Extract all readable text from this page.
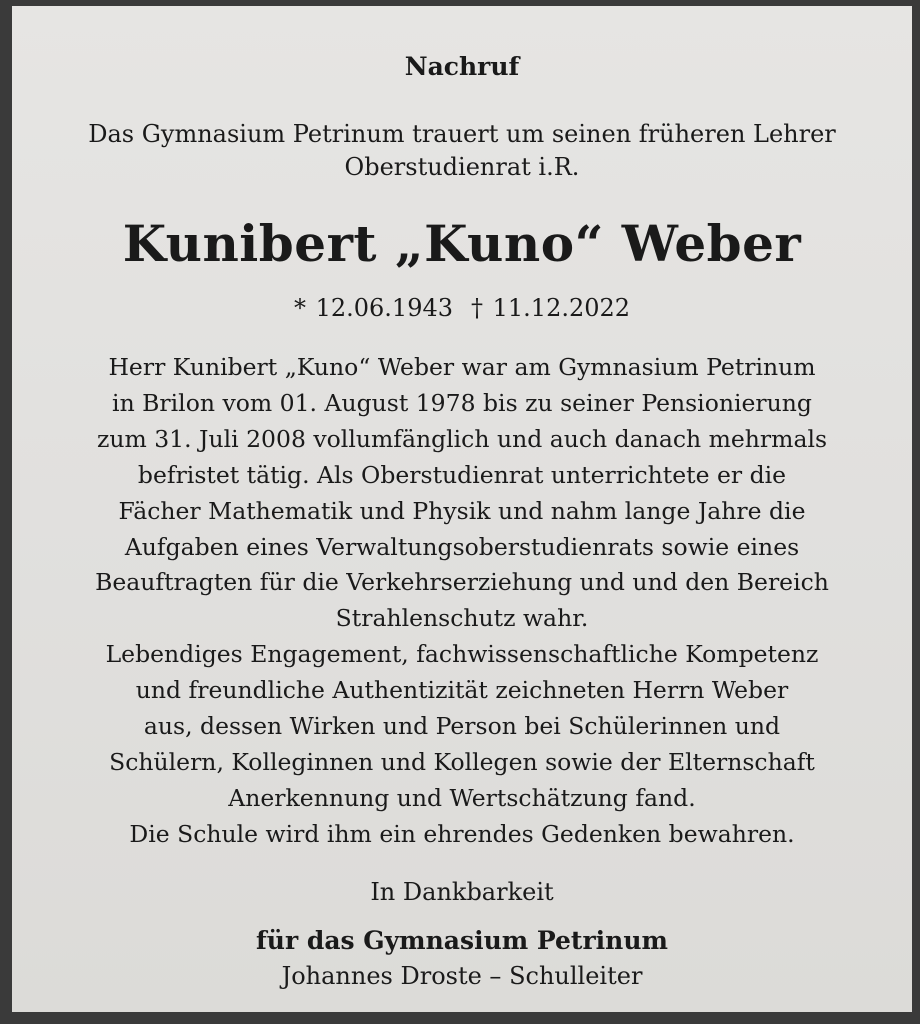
Nachruf
Das Gymnasium Petrinum trauert um seinen früheren Lehrer
Oberstudienrat i.R.
Kunibert „Kuno“ Weber
* 12.06.1943 † 11.12.2022
Herr Kunibert „Kuno“ Weber war am Gymnasium Petrinum
in Brilon vom 01. August 1978 bis zu seiner Pensionierung
zum 31. Juli 2008 vollumfänglich und auch danach mehrmals
befristet tätig. Als Oberstudienrat unterrichtete er die
Fächer Mathematik und Physik und nahm lange Jahre die
Aufgaben eines Verwaltungsoberstudienrats sowie eines
Beauftragten für die Verkehrserziehung und und den Bereich
Strahlenschutz wahr.
Lebendiges Engagement, fachwissenschaftliche Kompetenz
und freundliche Authentizität zeichneten Herrn Weber
aus, dessen Wirken und Person bei Schülerinnen und
Schülern, Kolleginnen und Kollegen sowie der Elternschaft
Anerkennung und Wertschätzung fand.
Die Schule wird ihm ein ehrendes Gedenken bewahren.
In Dankbarkeit
für das Gymnasium Petrinum
Johannes Droste – Schulleiter
